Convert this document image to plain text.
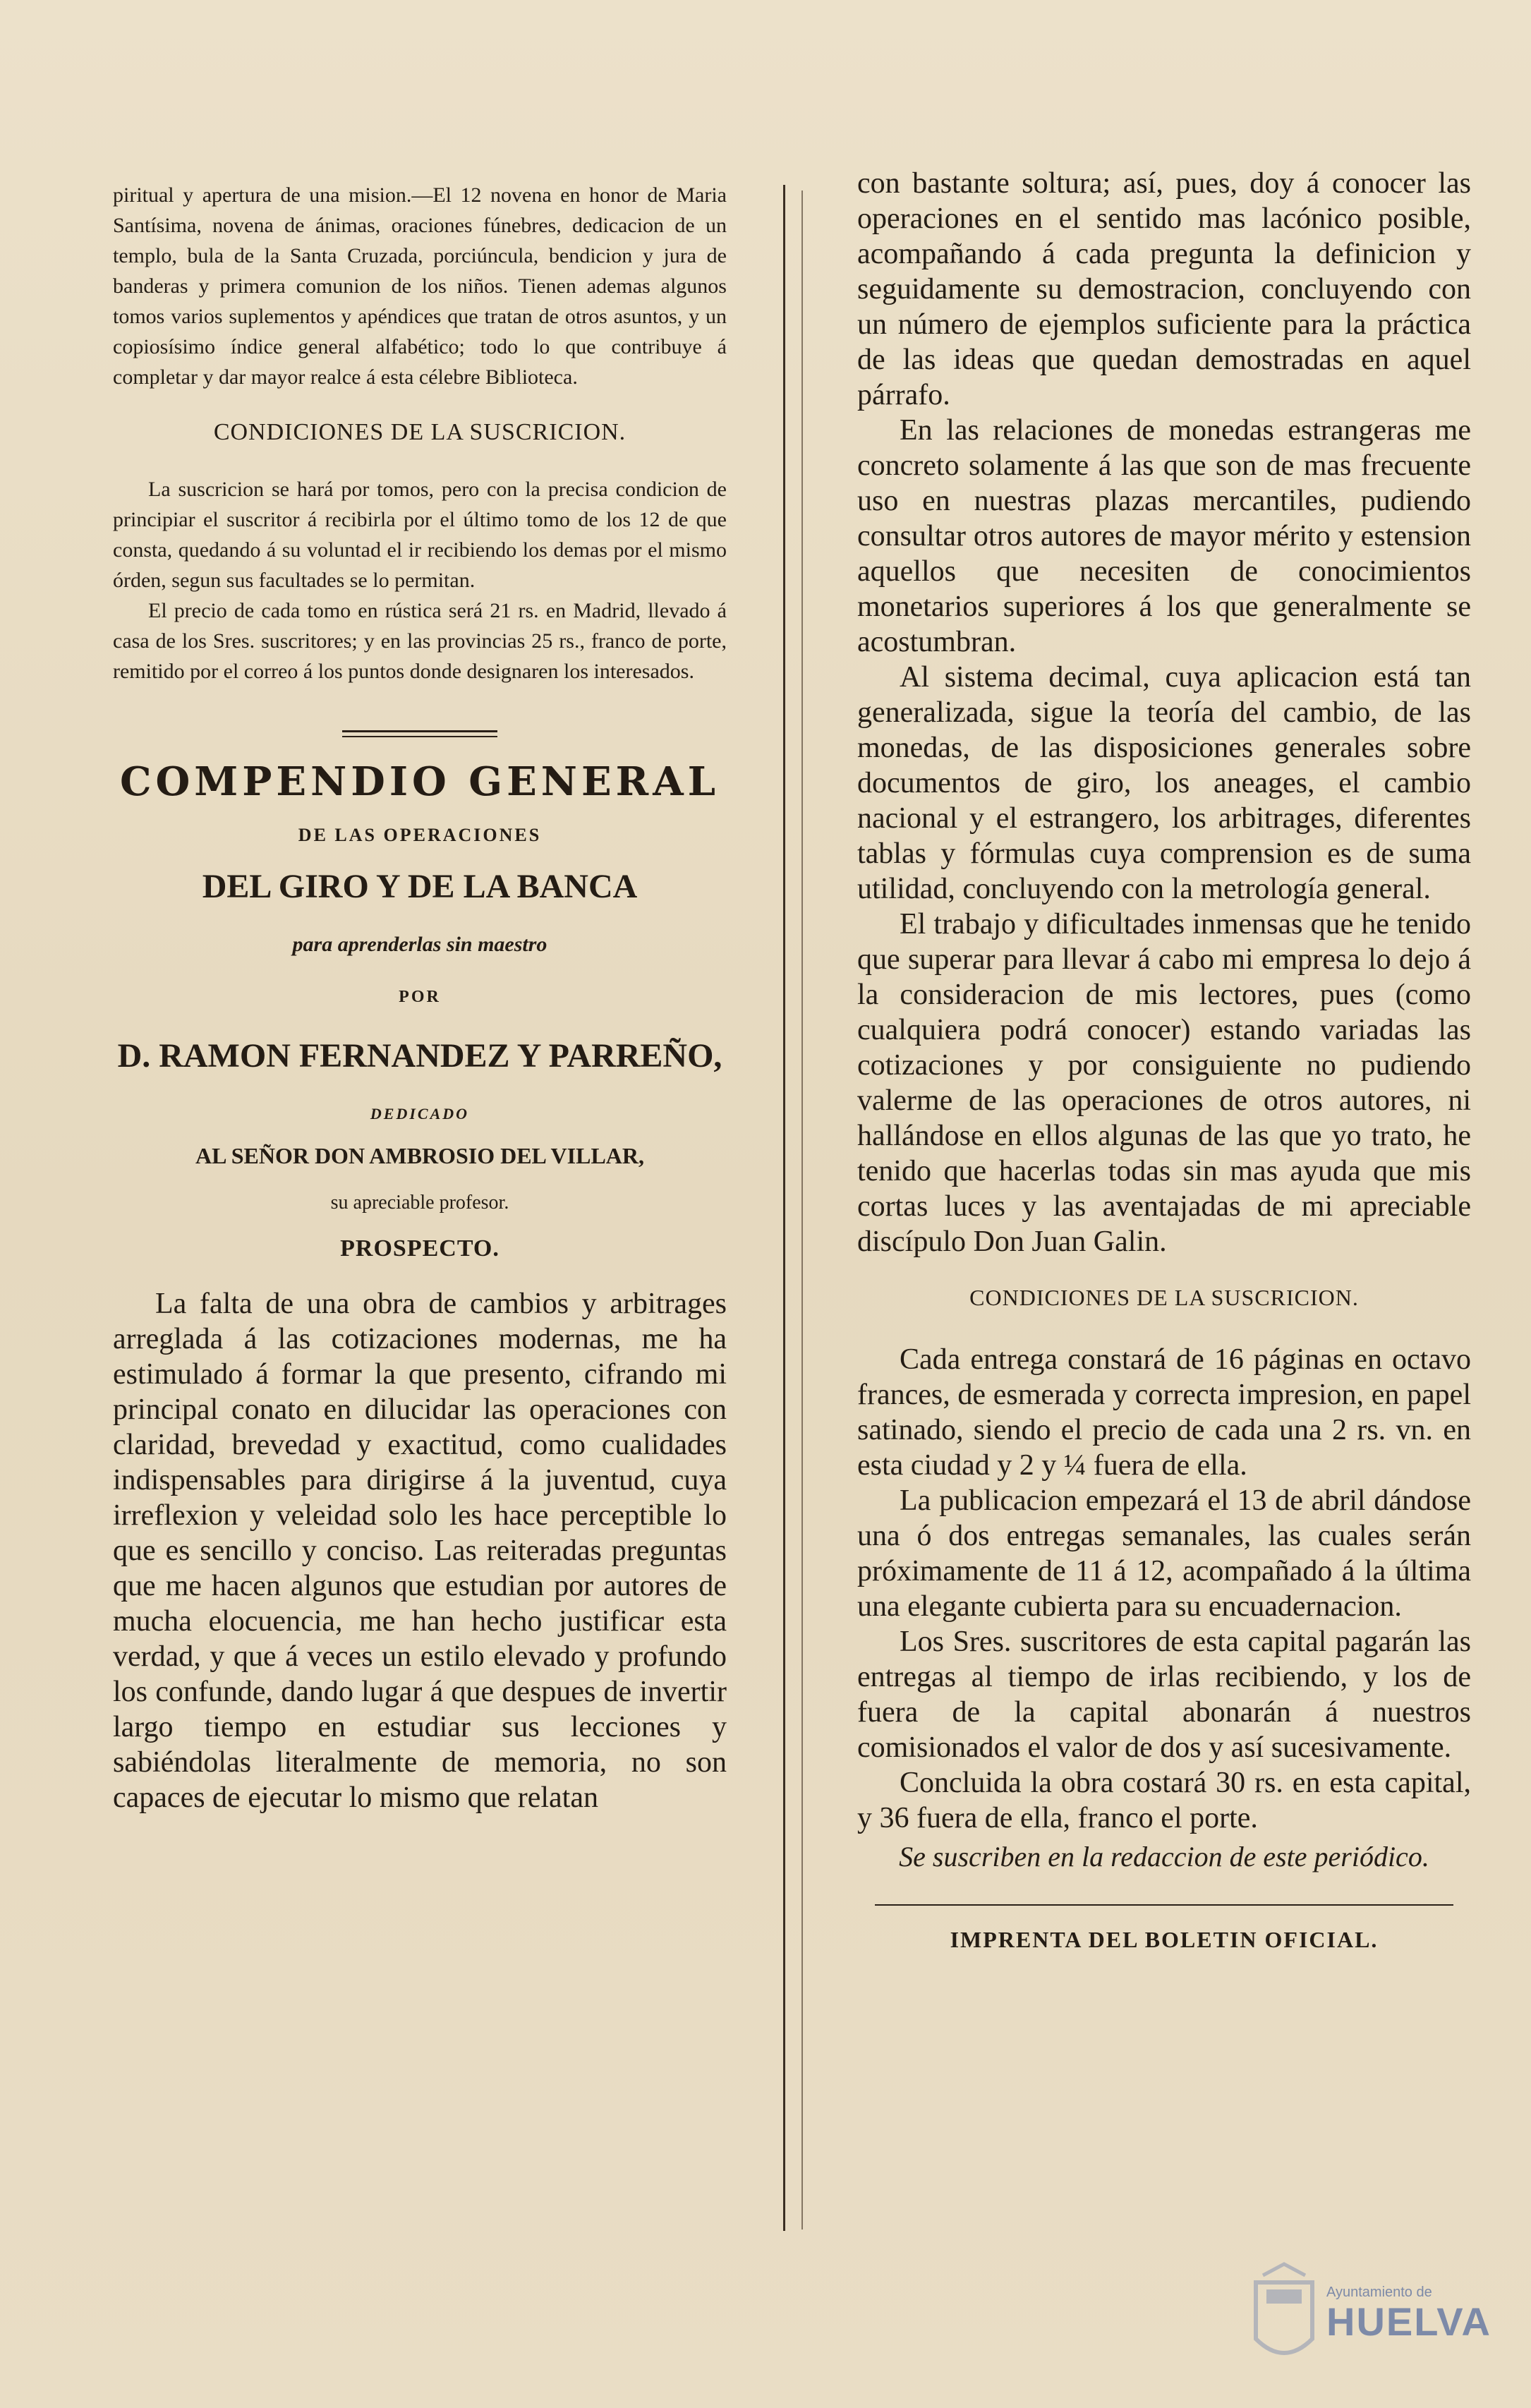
piritual y apertura de una mision.—El 12 novena en honor de Maria Santísima, novena de ánimas, oraciones fúnebres, dedicacion de un templo, bula de la Santa Cruzada, porciúncula, bendicion y jura de banderas y primera comunion de los niños. Tienen ademas algunos tomos varios suplementos y apéndices que tratan de otros asuntos, y un copiosísimo índice general alfabético; todo lo que contribuye á completar y dar mayor realce á esta célebre Biblioteca.

CONDICIONES DE LA SUSCRICION.

La suscricion se hará por tomos, pero con la precisa condicion de principiar el suscritor á recibirla por el último tomo de los 12 de que consta, quedando á su voluntad el ir recibiendo los demas por el mismo órden, segun sus facultades se lo permitan.

El precio de cada tomo en rústica será 21 rs. en Madrid, llevado á casa de los Sres. suscritores; y en las provincias 25 rs., franco de porte, remitido por el correo á los puntos donde designaren los interesados.

COMPENDIO GENERAL

DE LAS OPERACIONES

DEL GIRO Y DE LA BANCA

para aprenderlas sin maestro

POR

D. RAMON FERNANDEZ Y PARREÑO,

DEDICADO

AL SEÑOR DON AMBROSIO DEL VILLAR,

su apreciable profesor.

PROSPECTO.

La falta de una obra de cambios y arbitrages arreglada á las cotizaciones modernas, me ha estimulado á formar la que presento, cifrando mi principal conato en dilucidar las operaciones con claridad, brevedad y exactitud, como cualidades indispensables para dirigirse á la juventud, cuya irreflexion y veleidad solo les hace perceptible lo que es sencillo y conciso. Las reiteradas preguntas que me hacen algunos que estudian por autores de mucha elocuencia, me han hecho justificar esta verdad, y que á veces un estilo elevado y profundo los confunde, dando lugar á que despues de invertir largo tiempo en estudiar sus lecciones y sabiéndolas literalmente de memoria, no son capaces de ejecutar lo mismo que relatan

con bastante soltura; así, pues, doy á conocer las operaciones en el sentido mas lacónico posible, acompañando á cada pregunta la definicion y seguidamente su demostracion, concluyendo con un número de ejemplos suficiente para la práctica de las ideas que quedan demostradas en aquel párrafo.

En las relaciones de monedas estrangeras me concreto solamente á las que son de mas frecuente uso en nuestras plazas mercantiles, pudiendo consultar otros autores de mayor mérito y estension aquellos que necesiten de conocimientos monetarios superiores á los que generalmente se acostumbran.

Al sistema decimal, cuya aplicacion está tan generalizada, sigue la teoría del cambio, de las monedas, de las disposiciones generales sobre documentos de giro, los aneages, el cambio nacional y el estrangero, los arbitrages, diferentes tablas y fórmulas cuya comprension es de suma utilidad, concluyendo con la metrología general.

El trabajo y dificultades inmensas que he tenido que superar para llevar á cabo mi empresa lo dejo á la consideracion de mis lectores, pues (como cualquiera podrá conocer) estando variadas las cotizaciones y por consiguiente no pudiendo valerme de las operaciones de otros autores, ni hallándose en ellos algunas de las que yo trato, he tenido que hacerlas todas sin mas ayuda que mis cortas luces y las aventajadas de mi apreciable discípulo Don Juan Galin.

CONDICIONES DE LA SUSCRICION.

Cada entrega constará de 16 páginas en octavo frances, de esmerada y correcta impresion, en papel satinado, siendo el precio de cada una 2 rs. vn. en esta ciudad y 2 y ¼ fuera de ella.

La publicacion empezará el 13 de abril dándose una ó dos entregas semanales, las cuales serán próximamente de 11 á 12, acompañado á la última una elegante cubierta para su encuadernacion.

Los Sres. suscritores de esta capital pagarán las entregas al tiempo de irlas recibiendo, y los de fuera de la capital abonarán á nuestros comisionados el valor de dos y así sucesivamente.

Concluida la obra costará 30 rs. en esta capital, y 36 fuera de ella, franco el porte.

Se suscriben en la redaccion de este periódico.

IMPRENTA DEL BOLETIN OFICIAL.

Ayuntamiento de
HUELVA
